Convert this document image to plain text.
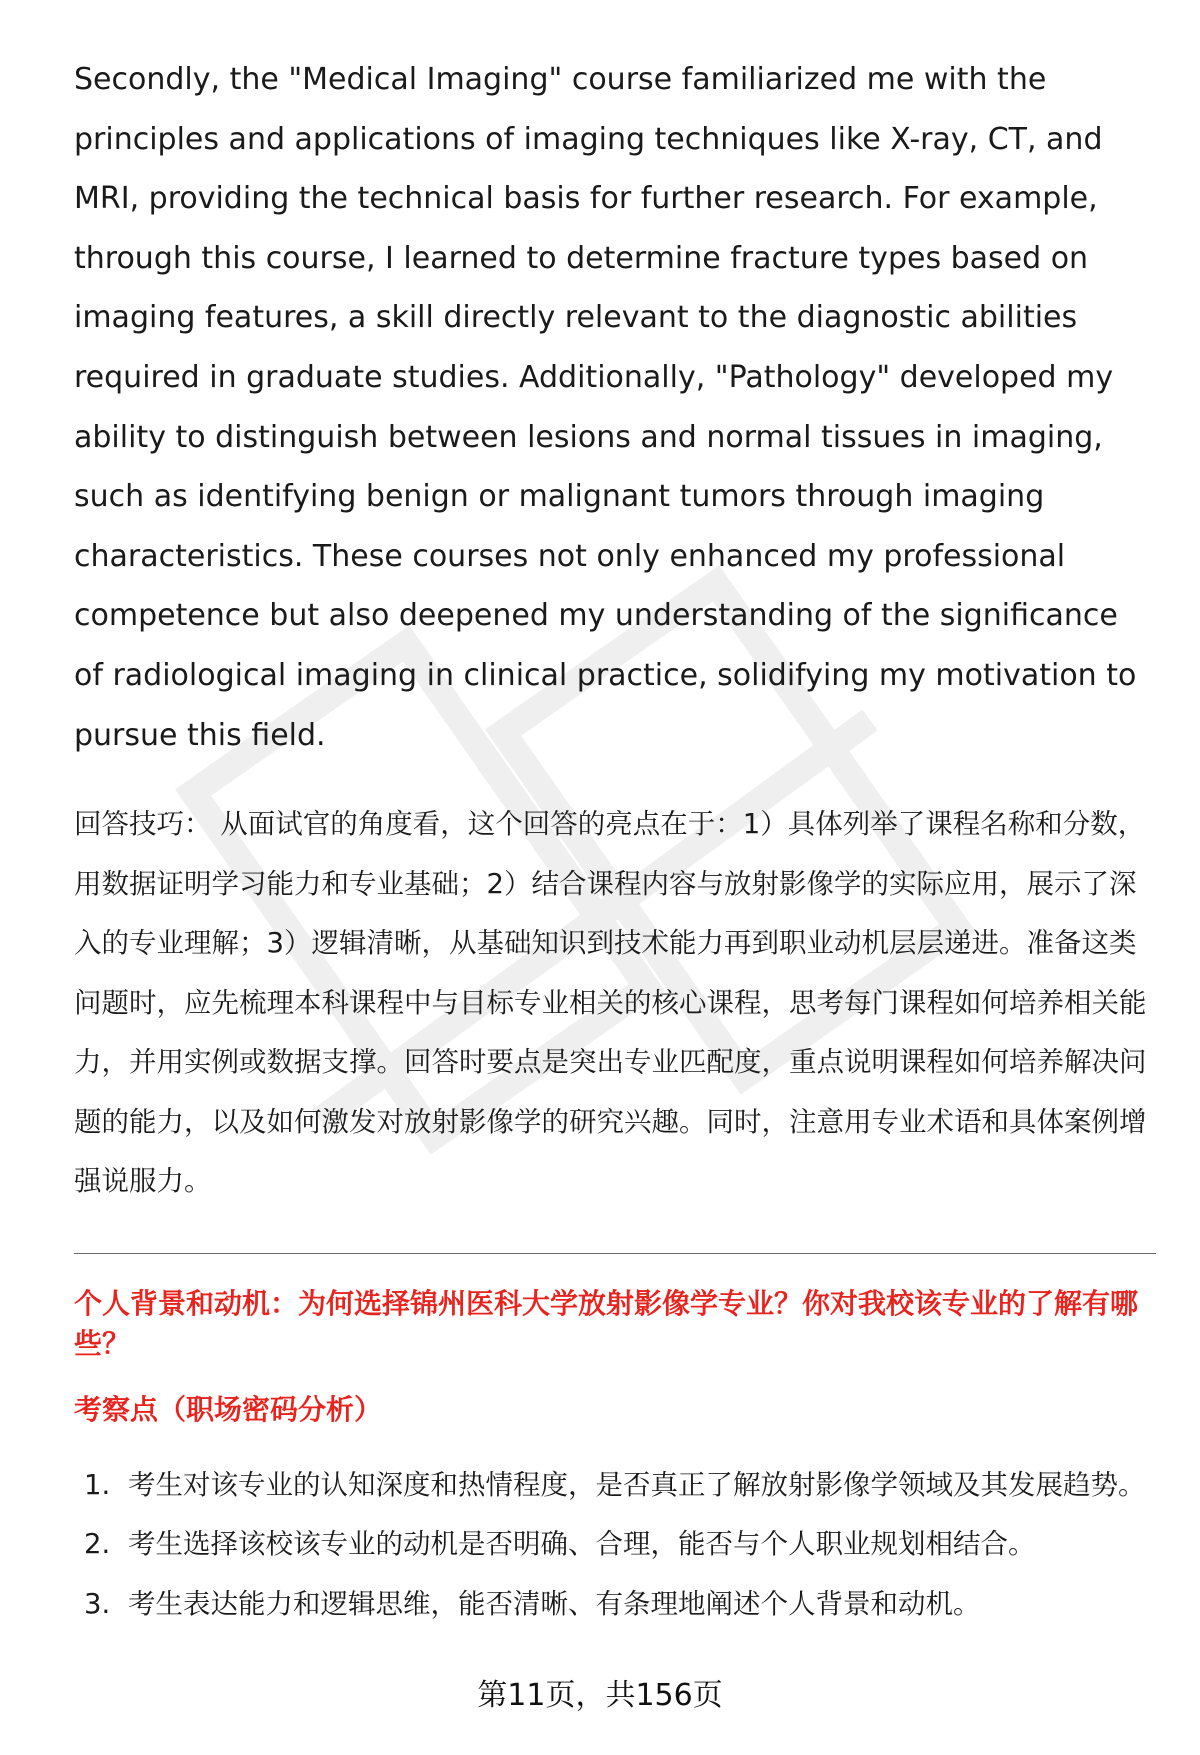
Secondly, the "Medical Imaging" course familiarized me with the principles and applications of imaging techniques like X-ray, CT, and MRI, providing the technical basis for further research. For example, through this course, I learned to determine fracture types based on imaging features, a skill directly relevant to the diagnostic abilities required in graduate studies. Additionally, "Pathology" developed my ability to distinguish between lesions and normal tissues in imaging, such as identifying benign or malignant tumors through imaging characteristics. These courses not only enhanced my professional competence but also deepened my understanding of the significance of radiological imaging in clinical practice, solidifying my motivation to pursue this field.

回答技巧： 从面试官的角度看，这个回答的亮点在于：1）具体列举了课程名称和分数，用数据证明学习能力和专业基础；2）结合课程内容与放射影像学的实际应用，展示了深入的专业理解；3）逻辑清晰，从基础知识到技术能力再到职业动机层层递进。准备这类问题时，应先梳理本科课程中与目标专业相关的核心课程，思考每门课程如何培养相关能力，并用实例或数据支撑。回答时要点是突出专业匹配度，重点说明课程如何培养解决问题的能力，以及如何激发对放射影像学的研究兴趣。同时，注意用专业术语和具体案例增强说服力。

个人背景和动机：为何选择锦州医科大学放射影像学专业？你对我校该专业的了解有哪些？
考察点（职场密码分析）
1. 考生对该专业的认知深度和热情程度，是否真正了解放射影像学领域及其发展趋势。
2. 考生选择该校该专业的动机是否明确、合理，能否与个人职业规划相结合。
3. 考生表达能力和逻辑思维，能否清晰、有条理地阐述个人背景和动机。
第11页，共156页
